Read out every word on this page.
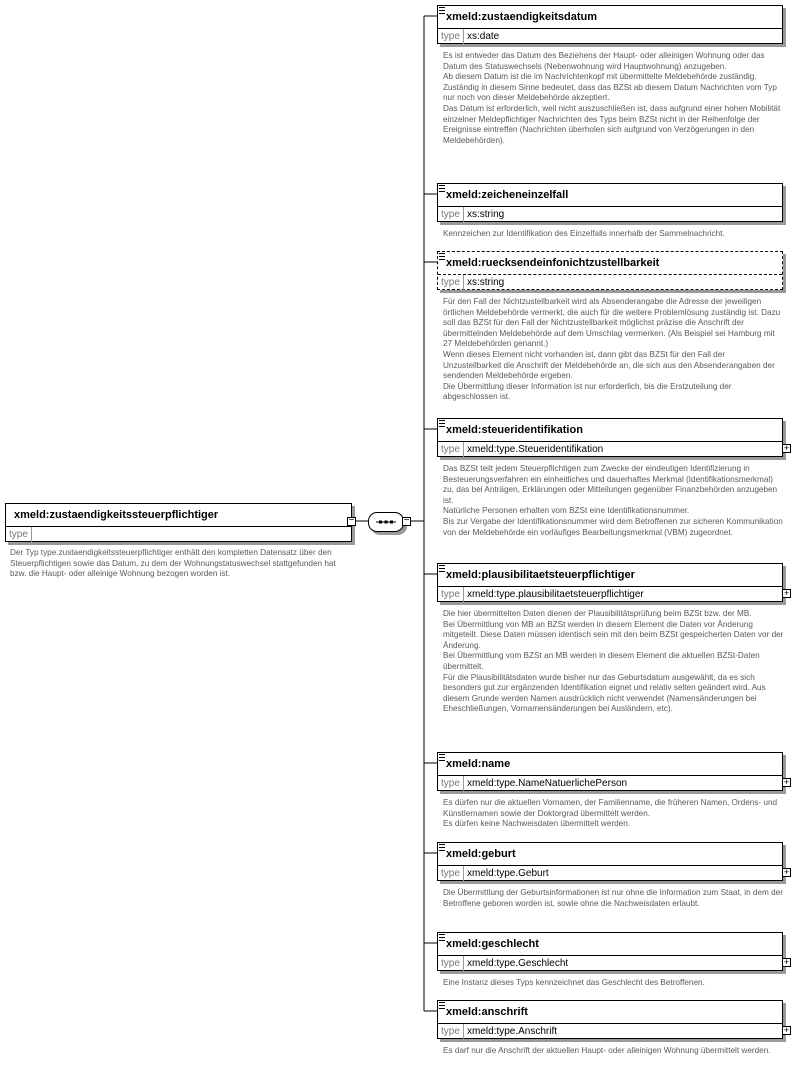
xmeld:zustaendigkeitssteuerpflichtiger
type
−
Der Typ type.zustaendigkeitssteuerpflichtiger enthält den kompletten Datensatz über den Steuerpflichtigen sowie das Datum, zu dem der Wohnungstatuswechsel stattgefunden hat bzw. die Haupt- oder alleinige Wohnung bezogen worden ist.
−
xmeld:zustaendigkeitsdatum
type xs:date
Es ist entweder das Datum des Beziehens der Haupt- oder alleinigen Wohnung oder das Datum des Statuswechsels (Nebenwohnung wird Hauptwohnung) anzugeben.
Ab diesem Datum ist die im Nachrichtenkopf mit übermittelte Meldebehörde zuständig.
Zuständig in diesem Sinne bedeutet, dass das BZSt ab diesem Datum Nachrichten vom Typ nur noch von dieser Meldebehörde akzeptiert.
Das Datum ist erforderlich, weil nicht auszuschließen ist, dass aufgrund einer hohen Mobilität einzelner Meldepflichtiger Nachrichten des Typs beim BZSt nicht in der Reihenfolge der Ereignisse eintreffen (Nachrichten überholen sich aufgrund von Verzögerungen in den Meldebehörden).
xmeld:zeicheneinzelfall
type xs:string
Kennzeichen zur Identifikation des Einzelfalls innerhalb der Sammelnachricht.
xmeld:ruecksendeinfonichtzustellbarkeit
type xs:string
Für den Fall der Nichtzustellbarkeit wird als Absenderangabe die Adresse der jeweiligen örtlichen Meldebehörde vermerkt, die auch für die weitere Problemlösung zuständig ist. Dazu soll das BZSt für den Fall der Nichtzustellbarkeit möglichst präzise die Anschrift der übermittelnden Meldebehörde auf dem Umschlag vermerken. (Als Beispiel sei Hamburg mit 27 Meldebehörden genannt.)
Wenn dieses Element nicht vorhanden ist, dann gibt das BZSt für den Fall der Unzustellbarkeit die Anschrift der Meldebehörde an, die sich aus den Absenderangaben der sendenden Meldebehörde ergeben.
Die Übermittlung dieser Information ist nur erforderlich, bis die Erstzuteilung der abgeschlossen ist.
xmeld:steueridentifikation
type xmeld:type.Steueridentifikation	+
Das BZSt teilt jedem Steuerpflichtigen zum Zwecke der eindeutigen Identifizierung in Besteuerungsverfahren ein einheitliches und dauerhaftes Merkmal (Identifikationsmerkmal) zu, das bei Anträgen, Erklärungen oder Mitteilungen gegenüber Finanzbehörden anzugeben ist.
Natürliche Personen erhalten vom BZSt eine Identifikationsnummer.
Bis zur Vergabe der Identifikationsnummer wird dem Betroffenen zur sicheren Kommunikation von der Meldebehörde ein vorläufiges Bearbeitungsmerkmal (VBM) zugeordnet.
xmeld:plausibilitaetsteuerpflichtiger
type xmeld:type.plausibilitaetsteuerpflichtiger	+
Die hier übermittelten Daten dienen der Plausibilitätsprüfung beim BZSt bzw. der MB.
Bei Übermittlung von MB an BZSt werden in diesem Element die Daten vor Änderung mitgeteilt. Diese Daten müssen identisch sein mit den beim BZSt gespeicherten Daten vor der Änderung.
Bei Übermittlung vom BZSt an MB werden in diesem Element die aktuellen BZSt-Daten übermittelt.
Für die Plausibilitätsdaten wurde bisher nur das Geburtsdatum ausgewählt, da es sich besonders gut zur ergänzenden Identifikation eignet und relativ selten geändert wird. Aus diesem Grunde werden Namen ausdrücklich nicht verwendet (Namensänderungen bei Eheschließungen, Vornamensänderungen bei Ausländern, etc).
xmeld:name
type xmeld:type.NameNatuerlichePerson	+
Es dürfen nur die aktuellen Vornamen, der Familienname, die früheren Namen, Ordens- und Künstlernamen sowie der Doktorgrad übermittelt werden.
Es dürfen keine Nachweisdaten übermittelt werden.
xmeld:geburt
type xmeld:type.Geburt	+
Die Übermittlung der Geburtsinformationen ist nur ohne die Information zum Staat, in dem der Betroffene geboren worden ist, sowie ohne die Nachweisdaten erlaubt.
xmeld:geschlecht
type xmeld:type.Geschlecht	+
Eine Instanz dieses Typs kennzeichnet das Geschlecht des Betroffenen.
xmeld:anschrift
type xmeld:type.Anschrift	+
Es darf nur die Anschrift der aktuellen Haupt- oder alleinigen Wohnung übermittelt werden.
